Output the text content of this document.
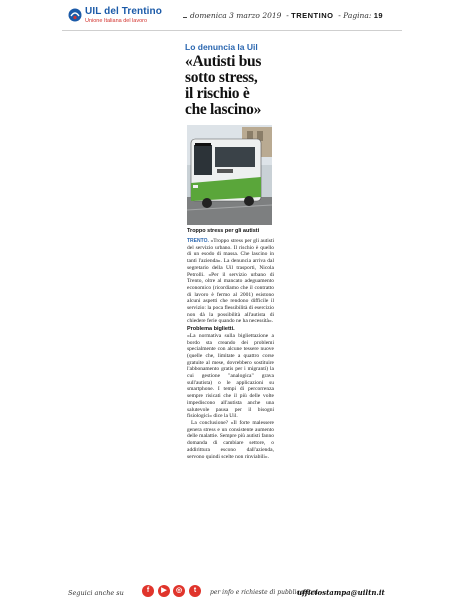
UIL del Trentino
Unione Italiana del lavoro
domenica 3 marzo 2019  - TRENTINO  - Pagina: 19
Lo denuncia la Uil
«Autisti bus
sotto stress,
il rischio è
che lascino»
Troppo stress per gli autisti

TRENTO. «Troppo stress per gli autisti del servizio urbano. Il rischio è quello di un esodo di massa. Che lascino in tanti l'azienda». La denuncia arriva dal segretario della Uil trasporti, Nicola Petrolli. «Per il servizio urbano di Trento, oltre al mancato adeguamento economico (ricordiamo che il contratto di lavoro è fermo al 2001) esistono alcuni aspetti che rendono difficile il servizio: la poca flessibilità di esercizio non dà la possibilità all'autista di chiedere ferie quando ne ha necessità».

Problema biglietti.

«La normativa sulla bigliettazione a bordo sta creando dei problemi specialmente con alcune tessere nuove (quelle che, limitate a quattro corse gratuite al mese, dovrebbero sostituire l'abbonamento gratis per i migranti) la cui gestione "analogica" grava sull'autista) o le applicazioni su smartphone. I tempi di percorrenza sempre risicati che il più delle volte impediscono all'autista anche una salutevole pausa per il bisogni fisiologici» dice la Uil.

La conclusione? «Il forte malessere genera stress e un consistente aumento delle malattie. Sempre più autisti fanno domanda di cambiare settore, o addirittura escono dall'azienda, servono quindi scelte non rinviabili».

Seguici anche su	f	▶	◎	t	per info e richieste di pubblicazioni:
ufficiostampa@uiltn.it
